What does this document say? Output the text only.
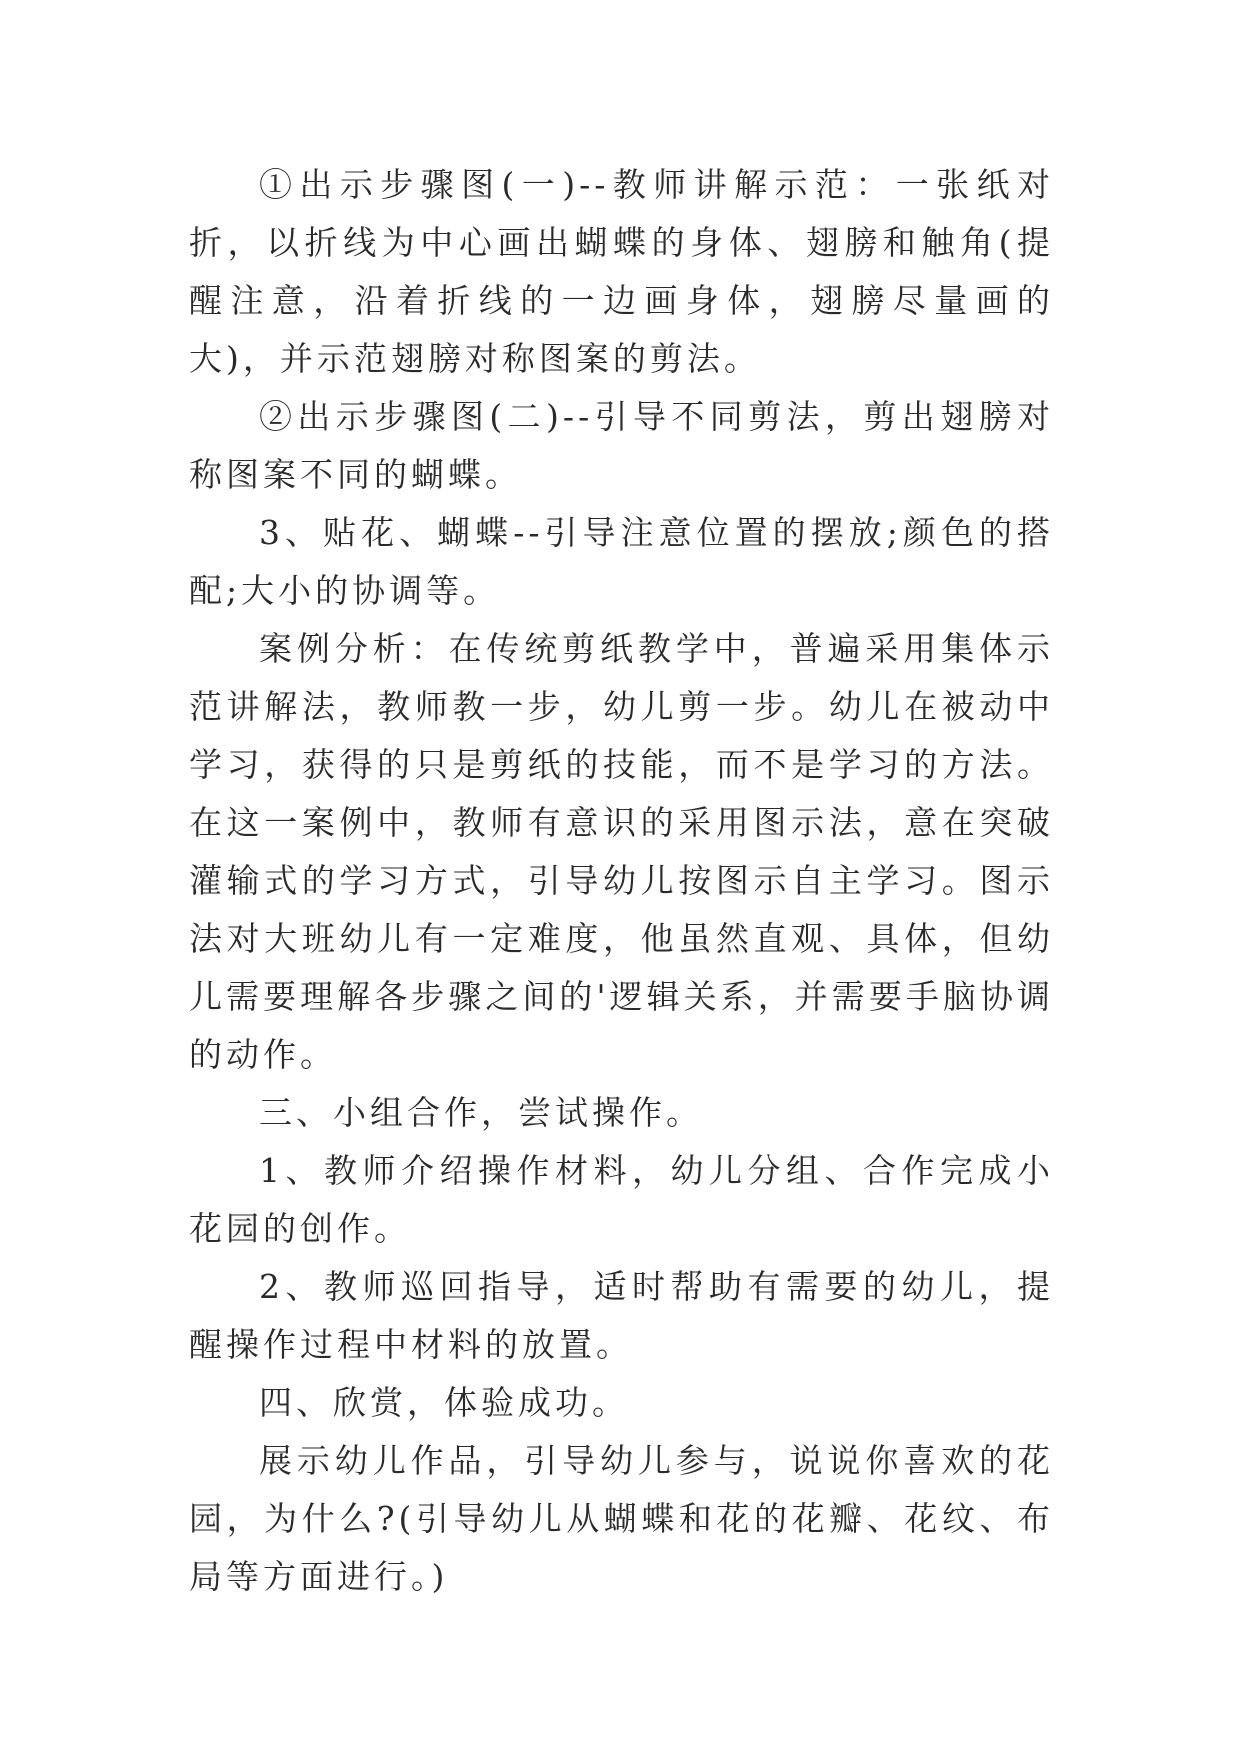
①出示步骤图(一)--教师讲解示范：一张纸对折，以折线为中心画出蝴蝶的身体、翅膀和触角(提醒注意，沿着折线的一边画身体，翅膀尽量画的大)，并示范翅膀对称图案的剪法。

②出示步骤图(二)--引导不同剪法，剪出翅膀对称图案不同的蝴蝶。

3、贴花、蝴蝶--引导注意位置的摆放;颜色的搭配;大小的协调等。

案例分析：在传统剪纸教学中，普遍采用集体示范讲解法，教师教一步，幼儿剪一步。幼儿在被动中学习，获得的只是剪纸的技能，而不是学习的方法。在这一案例中，教师有意识的采用图示法，意在突破灌输式的学习方式，引导幼儿按图示自主学习。图示法对大班幼儿有一定难度，他虽然直观、具体，但幼儿需要理解各步骤之间的'逻辑关系，并需要手脑协调的动作。

三、小组合作，尝试操作。

1、教师介绍操作材料，幼儿分组、合作完成小花园的创作。

2、教师巡回指导，适时帮助有需要的幼儿，提醒操作过程中材料的放置。

四、欣赏，体验成功。

展示幼儿作品，引导幼儿参与，说说你喜欢的花园，为什么?(引导幼儿从蝴蝶和花的花瓣、花纹、布局等方面进行。)
